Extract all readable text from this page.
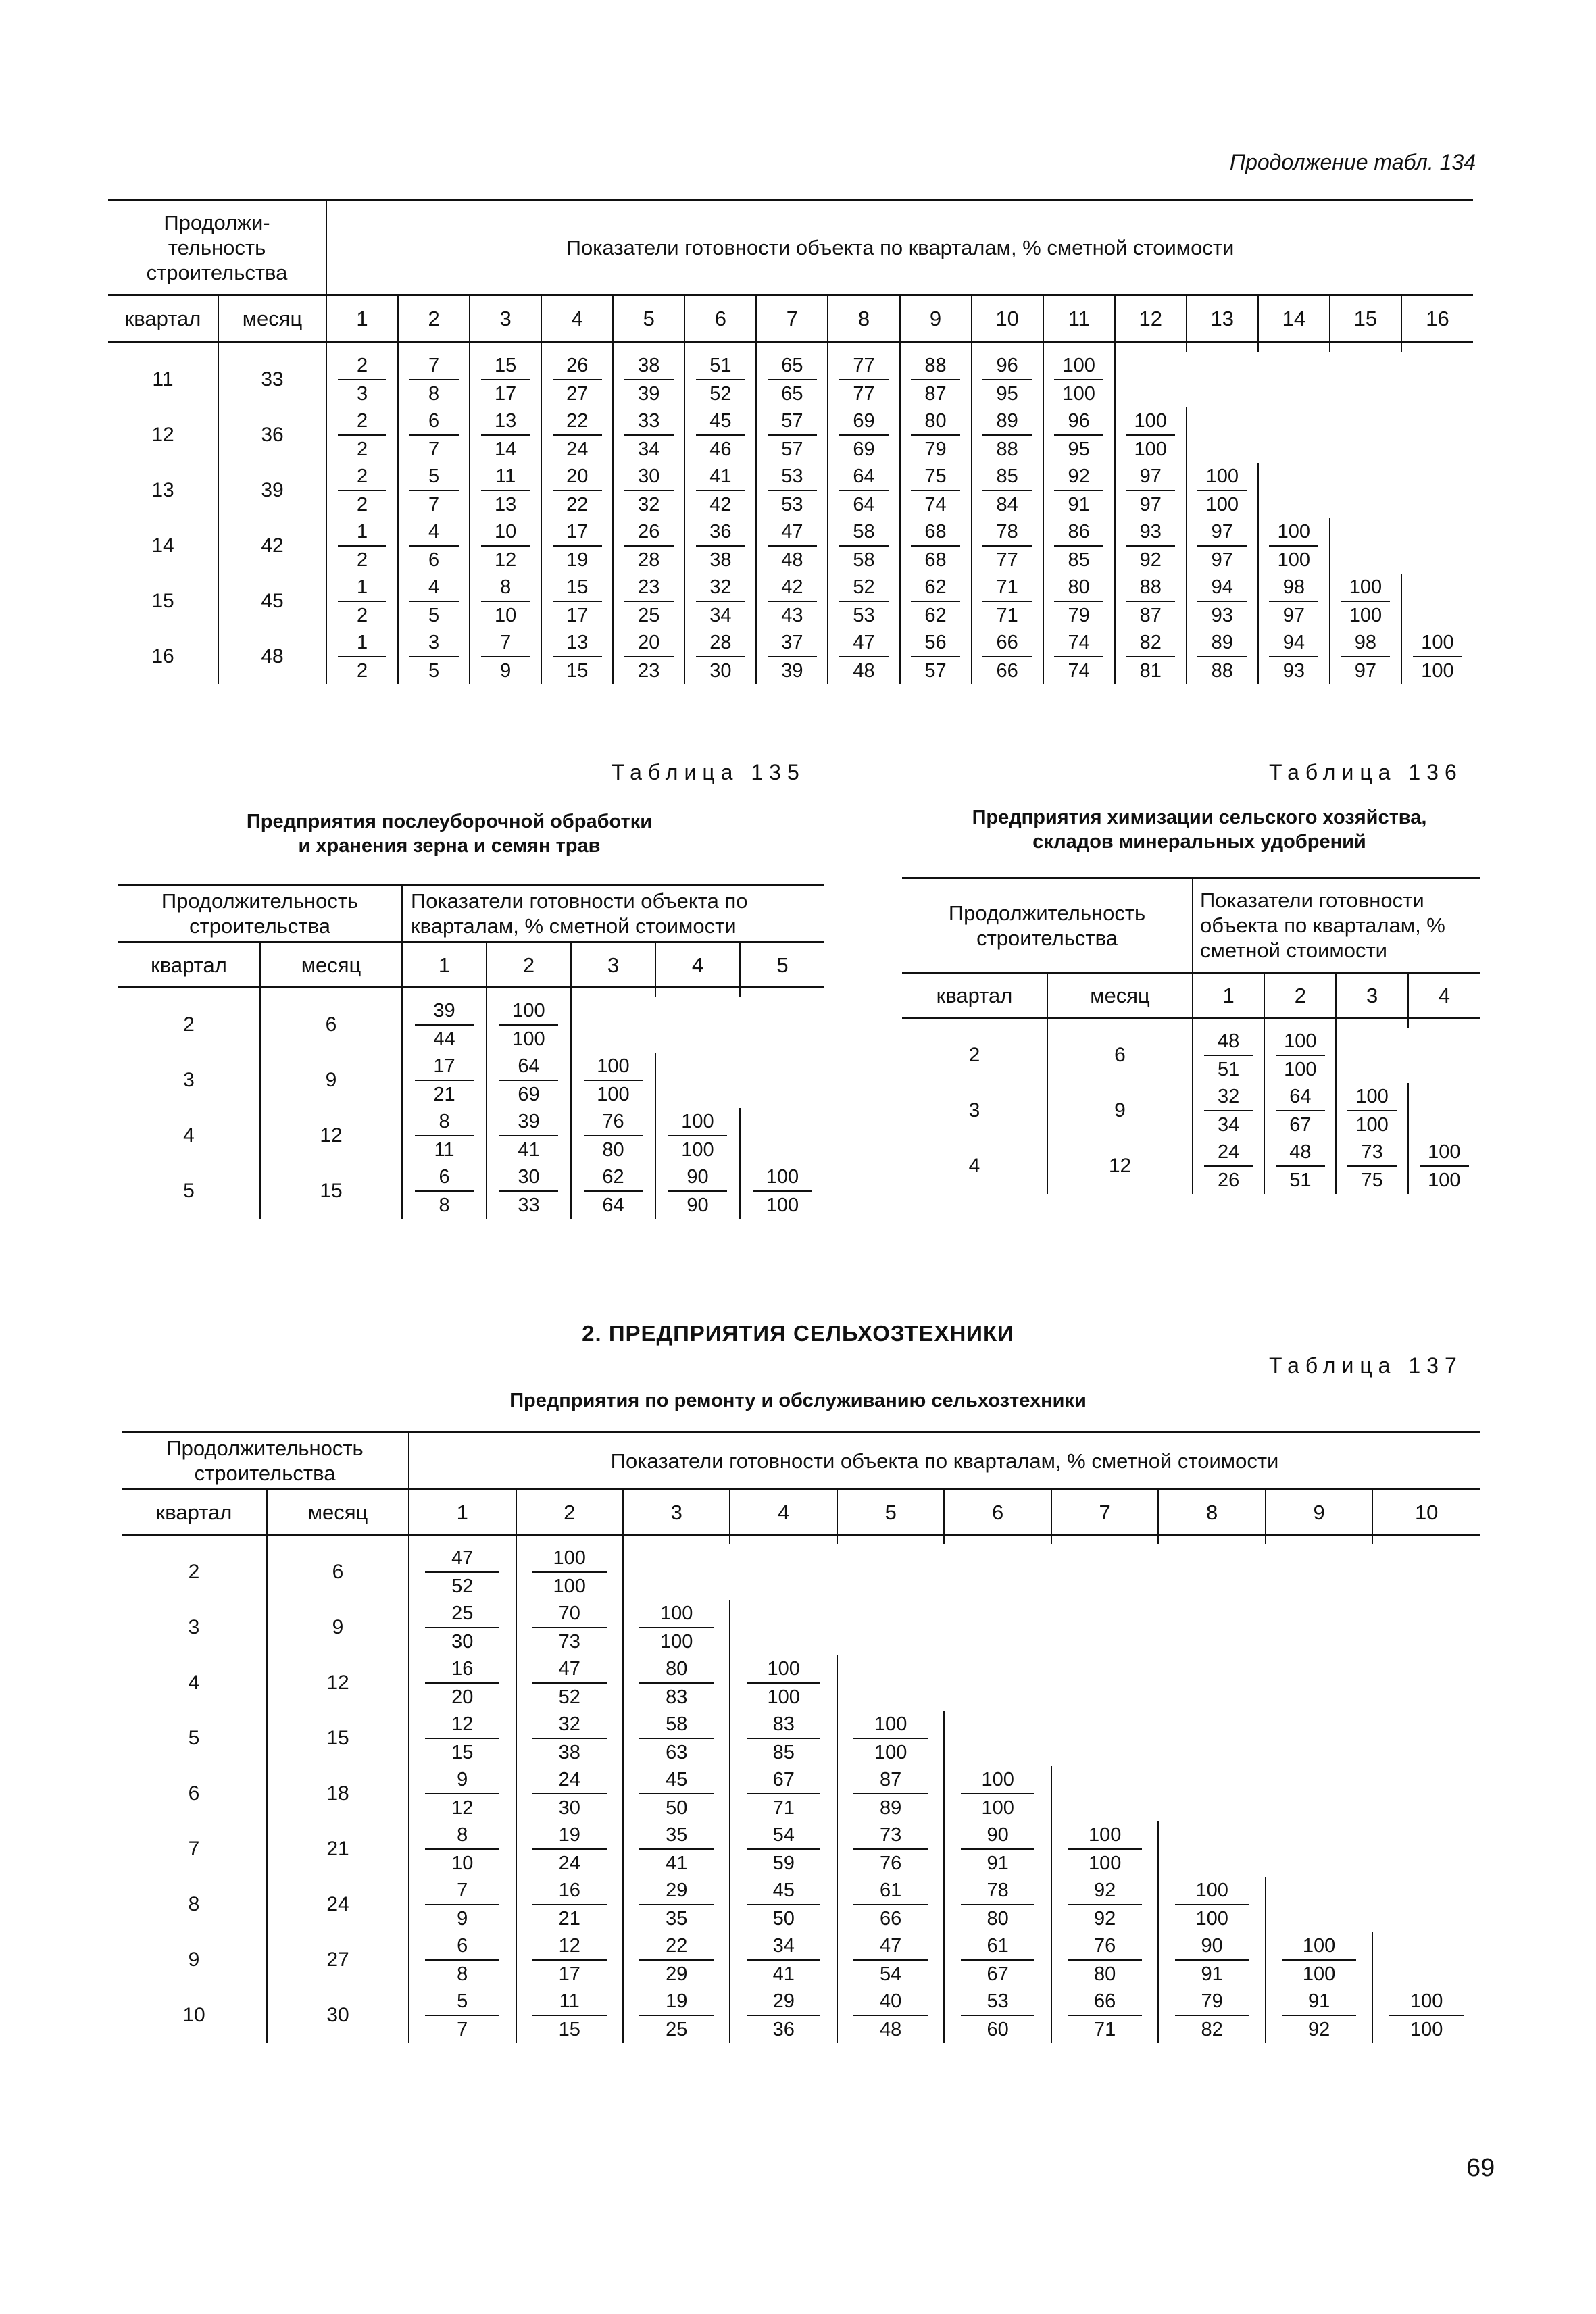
Продолжение табл. 134
Продолжи-тельность строительства		Показатели готовности объекта по кварталам, % сметной стоимости															
квартал	месяц	1	2	3	4	5	6	7	8	9	10	11	12	13	14	15	16

11	33	$\frac{2}{3}$	$\frac{7}{8}$	$\frac{15}{17}$	$\frac{26}{27}$	$\frac{38}{39}$	$\frac{51}{52}$	$\frac{65}{65}$	$\frac{77}{77}$	$\frac{88}{87}$	$\frac{96}{95}$	$\frac{100}{100}$

12	36	$\frac{2}{2}$	$\frac{6}{7}$	$\frac{13}{14}$	$\frac{22}{24}$	$\frac{33}{34}$	$\frac{45}{46}$	$\frac{57}{57}$	$\frac{69}{69}$	$\frac{80}{79}$	$\frac{89}{88}$	$\frac{96}{95}$	$\frac{100}{100}$

13	39	$\frac{2}{2}$	$\frac{5}{7}$	$\frac{11}{13}$	$\frac{20}{22}$	$\frac{30}{32}$	$\frac{41}{42}$	$\frac{53}{53}$	$\frac{64}{64}$	$\frac{75}{74}$	$\frac{85}{84}$	$\frac{92}{91}$	$\frac{97}{97}$	$\frac{100}{100}$

14	42	$\frac{1}{2}$	$\frac{4}{6}$	$\frac{10}{12}$	$\frac{17}{19}$	$\frac{26}{28}$	$\frac{36}{38}$	$\frac{47}{48}$	$\frac{58}{58}$	$\frac{68}{68}$	$\frac{78}{77}$	$\frac{86}{85}$	$\frac{93}{92}$	$\frac{97}{97}$	$\frac{100}{100}$

15	45	$\frac{1}{2}$	$\frac{4}{5}$	$\frac{8}{10}$	$\frac{15}{17}$	$\frac{23}{25}$	$\frac{32}{34}$	$\frac{42}{43}$	$\frac{52}{53}$	$\frac{62}{62}$	$\frac{71}{71}$	$\frac{80}{79}$	$\frac{88}{87}$	$\frac{94}{93}$	$\frac{98}{97}$	$\frac{100}{100}$

16	48	$\frac{1}{2}$	$\frac{3}{5}$	$\frac{7}{9}$	$\frac{13}{15}$	$\frac{20}{23}$	$\frac{28}{30}$	$\frac{37}{39}$	$\frac{47}{48}$	$\frac{56}{57}$	$\frac{66}{66}$	$\frac{74}{74}$	$\frac{82}{81}$	$\frac{89}{88}$	$\frac{94}{93}$	$\frac{98}{97}$	$\frac{100}{100}$
Таблица 135
Предприятия послеуборочной обработки
и хранения зерна и семян трав
Продолжительность строительства		Показатели готовности объекта по кварталам, % сметной стоимости				
квартал	месяц	1	2	3	4	5

2	6	$\frac{39}{44}$	$\frac{100}{100}$

3	9	$\frac{17}{21}$	$\frac{64}{69}$	$\frac{100}{100}$

4	12	$\frac{8}{11}$	$\frac{39}{41}$	$\frac{76}{80}$	$\frac{100}{100}$

5	15	$\frac{6}{8}$	$\frac{30}{33}$	$\frac{62}{64}$	$\frac{90}{90}$	$\frac{100}{100}$
Таблица 136
Предприятия химизации сельского хозяйства,
складов минеральных удобрений
Продолжительность строительства		Показатели готовности объекта по кварталам, % сметной стоимости			
квартал	месяц	1	2	3	4

2	6	$\frac{48}{51}$	$\frac{100}{100}$

3	9	$\frac{32}{34}$	$\frac{64}{67}$	$\frac{100}{100}$

4	12	$\frac{24}{26}$	$\frac{48}{51}$	$\frac{73}{75}$	$\frac{100}{100}$
2. ПРЕДПРИЯТИЯ СЕЛЬХОЗТЕХНИКИ
Таблица 137
Предприятия по ремонту и обслуживанию сельхозтехники
Продолжительность строительства		Показатели готовности объекта по кварталам, % сметной стоимости									
квартал	месяц	1	2	3	4	5	6	7	8	9	10

2	6	$\frac{47}{52}$	$\frac{100}{100}$

3	9	$\frac{25}{30}$	$\frac{70}{73}$	$\frac{100}{100}$

4	12	$\frac{16}{20}$	$\frac{47}{52}$	$\frac{80}{83}$	$\frac{100}{100}$

5	15	$\frac{12}{15}$	$\frac{32}{38}$	$\frac{58}{63}$	$\frac{83}{85}$	$\frac{100}{100}$

6	18	$\frac{9}{12}$	$\frac{24}{30}$	$\frac{45}{50}$	$\frac{67}{71}$	$\frac{87}{89}$	$\frac{100}{100}$

7	21	$\frac{8}{10}$	$\frac{19}{24}$	$\frac{35}{41}$	$\frac{54}{59}$	$\frac{73}{76}$	$\frac{90}{91}$	$\frac{100}{100}$

8	24	$\frac{7}{9}$	$\frac{16}{21}$	$\frac{29}{35}$	$\frac{45}{50}$	$\frac{61}{66}$	$\frac{78}{80}$	$\frac{92}{92}$	$\frac{100}{100}$

9	27	$\frac{6}{8}$	$\frac{12}{17}$	$\frac{22}{29}$	$\frac{34}{41}$	$\frac{47}{54}$	$\frac{61}{67}$	$\frac{76}{80}$	$\frac{90}{91}$	$\frac{100}{100}$

10	30	$\frac{5}{7}$	$\frac{11}{15}$	$\frac{19}{25}$	$\frac{29}{36}$	$\frac{40}{48}$	$\frac{53}{60}$	$\frac{66}{71}$	$\frac{79}{82}$	$\frac{91}{92}$	$\frac{100}{100}$
69
